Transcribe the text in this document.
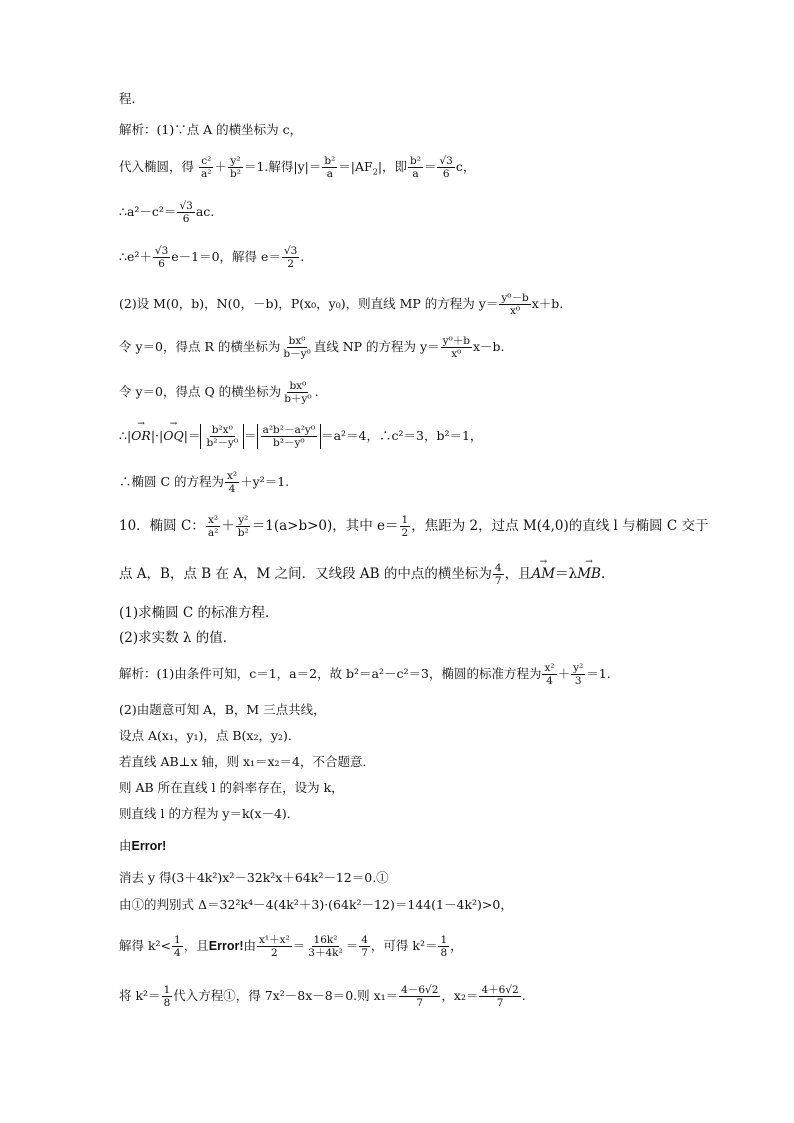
程．
解析：(1)∵点 A 的横坐标为 c，
代入椭圆，得 $\frac{\text{c²}}{\text{a²}} + \frac{\text{y²}}{\text{b²}} =1$.解得$|y|= \frac{\text{b²}}{a} =|AF_2|$，即 $\frac{\text{b²}}{a} = \frac{√3}{6}$ c，
∴a²－c²＝ $\frac{√3}{6}$ ac.
∴e²＋ $\frac{√3}{6} e-1=0$，解得 $e= \frac{√3}{2}$ .
(2)设 M(0，b)，N(0，－b)，P(x₀，y₀)，则直线 MP 的方程为 $y= \frac{\text{y⁰－b}}{\text{x⁰}} x+b$.
令 y＝0，得点 R 的横坐标为 $\frac{\text{bx⁰}}{\text{b－y⁰}}$ 直线 NP 的方程为 $y= \frac{\text{y⁰＋b}}{\text{x⁰}} x-b$.
令 y＝0，得点 Q 的横坐标为 $\frac{\text{bx⁰}}{\text{b＋y⁰}}$ .
∴|→ $OR|\cdot|\to OQ|= \frac{\text{b²x⁰}}{\text{b²－y⁰}} = \frac{\text{a²b²－a²y⁰}}{\text{b²－y⁰}} =a^2=4$，∴c²＝3，b²＝1，
∴椭圆 C 的方程为 $\frac{\text{x²}}{4} +y^2=1$.
10．椭圆 C： $\frac{\text{x²}}{\text{a²}} + \frac{\text{y²}}{\text{b²}} =1(a>b>0)$，其中 $e= \frac{1}{2}$ ，焦距为 2，过点 M(4,0)的直线 l 与椭圆 C 交于
点 A，B，点 B 在 A，M 之间．又线段 AB 的中点的横坐标为 $\frac{4}{7}$ ，且→ AM＝λ→ MB.
(1)求椭圆 C 的标准方程．
(2)求实数 λ 的值．
解析：(1)由条件可知，c＝1，a＝2，故 b²＝a²－c²＝3，椭圆的标准方程为 $\frac{\text{x²}}{4} + \frac{\text{y²}}{3} =1$.
(2)由题意可知 A，B，M 三点共线，
设点 A(x₁，y₁)，点 B(x₂，y₂)．
若直线 AB⊥x 轴，则 x₁＝x₂＝4，不合题意．
则 AB 所在直线 l 的斜率存在，设为 k，
则直线 l 的方程为 y＝k(x－4)．
由Error!
消去 y 得(3＋4k²)x²－32k²x＋64k²－12＝0.①
由①的判别式 Δ＝32²k⁴－4(4k²＋3)·(64k²－12)＝144(1－4k²)>0，
解得 $k^2< \frac{1}{4}$ ，且Error!由 $\frac{\text{x¹＋x²}}{2} = \frac{\text{16k²}}{\text{3＋4k²}} = \frac{4}{7}$ ，可得 $k^2= \frac{1}{8}$ ，
将 $k^2= \frac{1}{8}$ 代入方程①，得 7x²－8x－8＝0.则 $x_1= \frac{4-6√2}{7}$ ，$x_2= \frac{4+6√2}{7}$ .
